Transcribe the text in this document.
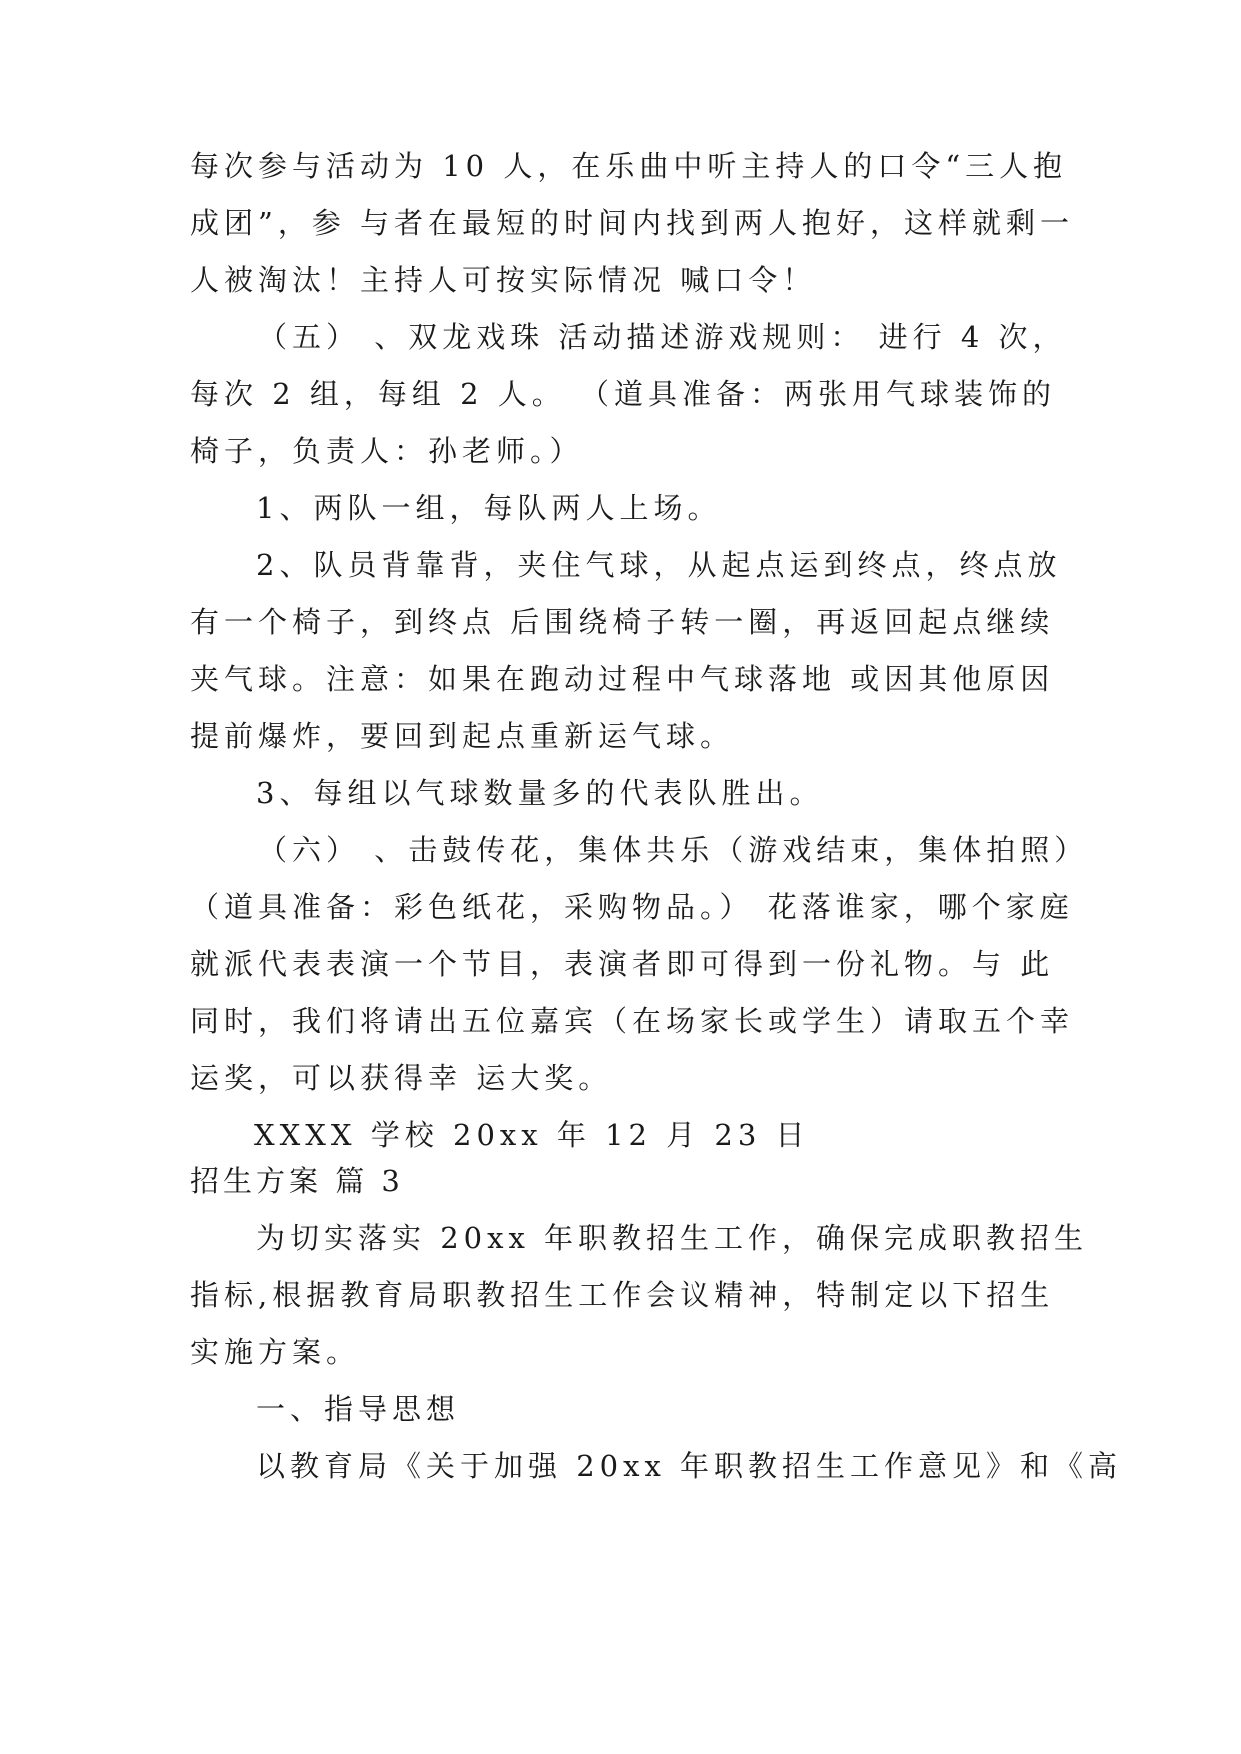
每次参与活动为 10 人，在乐曲中听主持人的口令“三人抱
成团”，参 与者在最短的时间内找到两人抱好，这样就剩一
人被淘汰！主持人可按实际情况 喊口令！
（五） 、双龙戏珠 活动描述游戏规则： 进行 4 次，
每次 2 组，每组 2 人。 （道具准备：两张用气球装饰的
椅子，负责人：孙老师。）
1、两队一组，每队两人上场。
2、队员背靠背，夹住气球，从起点运到终点，终点放
有一个椅子，到终点 后围绕椅子转一圈，再返回起点继续
夹气球。注意：如果在跑动过程中气球落地 或因其他原因
提前爆炸，要回到起点重新运气球。
3、每组以气球数量多的代表队胜出。
（六） 、击鼓传花，集体共乐（游戏结束，集体拍照）
（道具准备：彩色纸花，采购物品。） 花落谁家，哪个家庭
就派代表表演一个节目，表演者即可得到一份礼物。与 此
同时，我们将请出五位嘉宾（在场家长或学生）请取五个幸
运奖，可以获得幸 运大奖。
XXXX 学校 20xx 年 12 月 23 日
招生方案 篇 3
为切实落实 20xx 年职教招生工作，确保完成职教招生
指标,根据教育局职教招生工作会议精神，特制定以下招生
实施方案。
一、指导思想
以教育局《关于加强 20xx 年职教招生工作意见》和《高
